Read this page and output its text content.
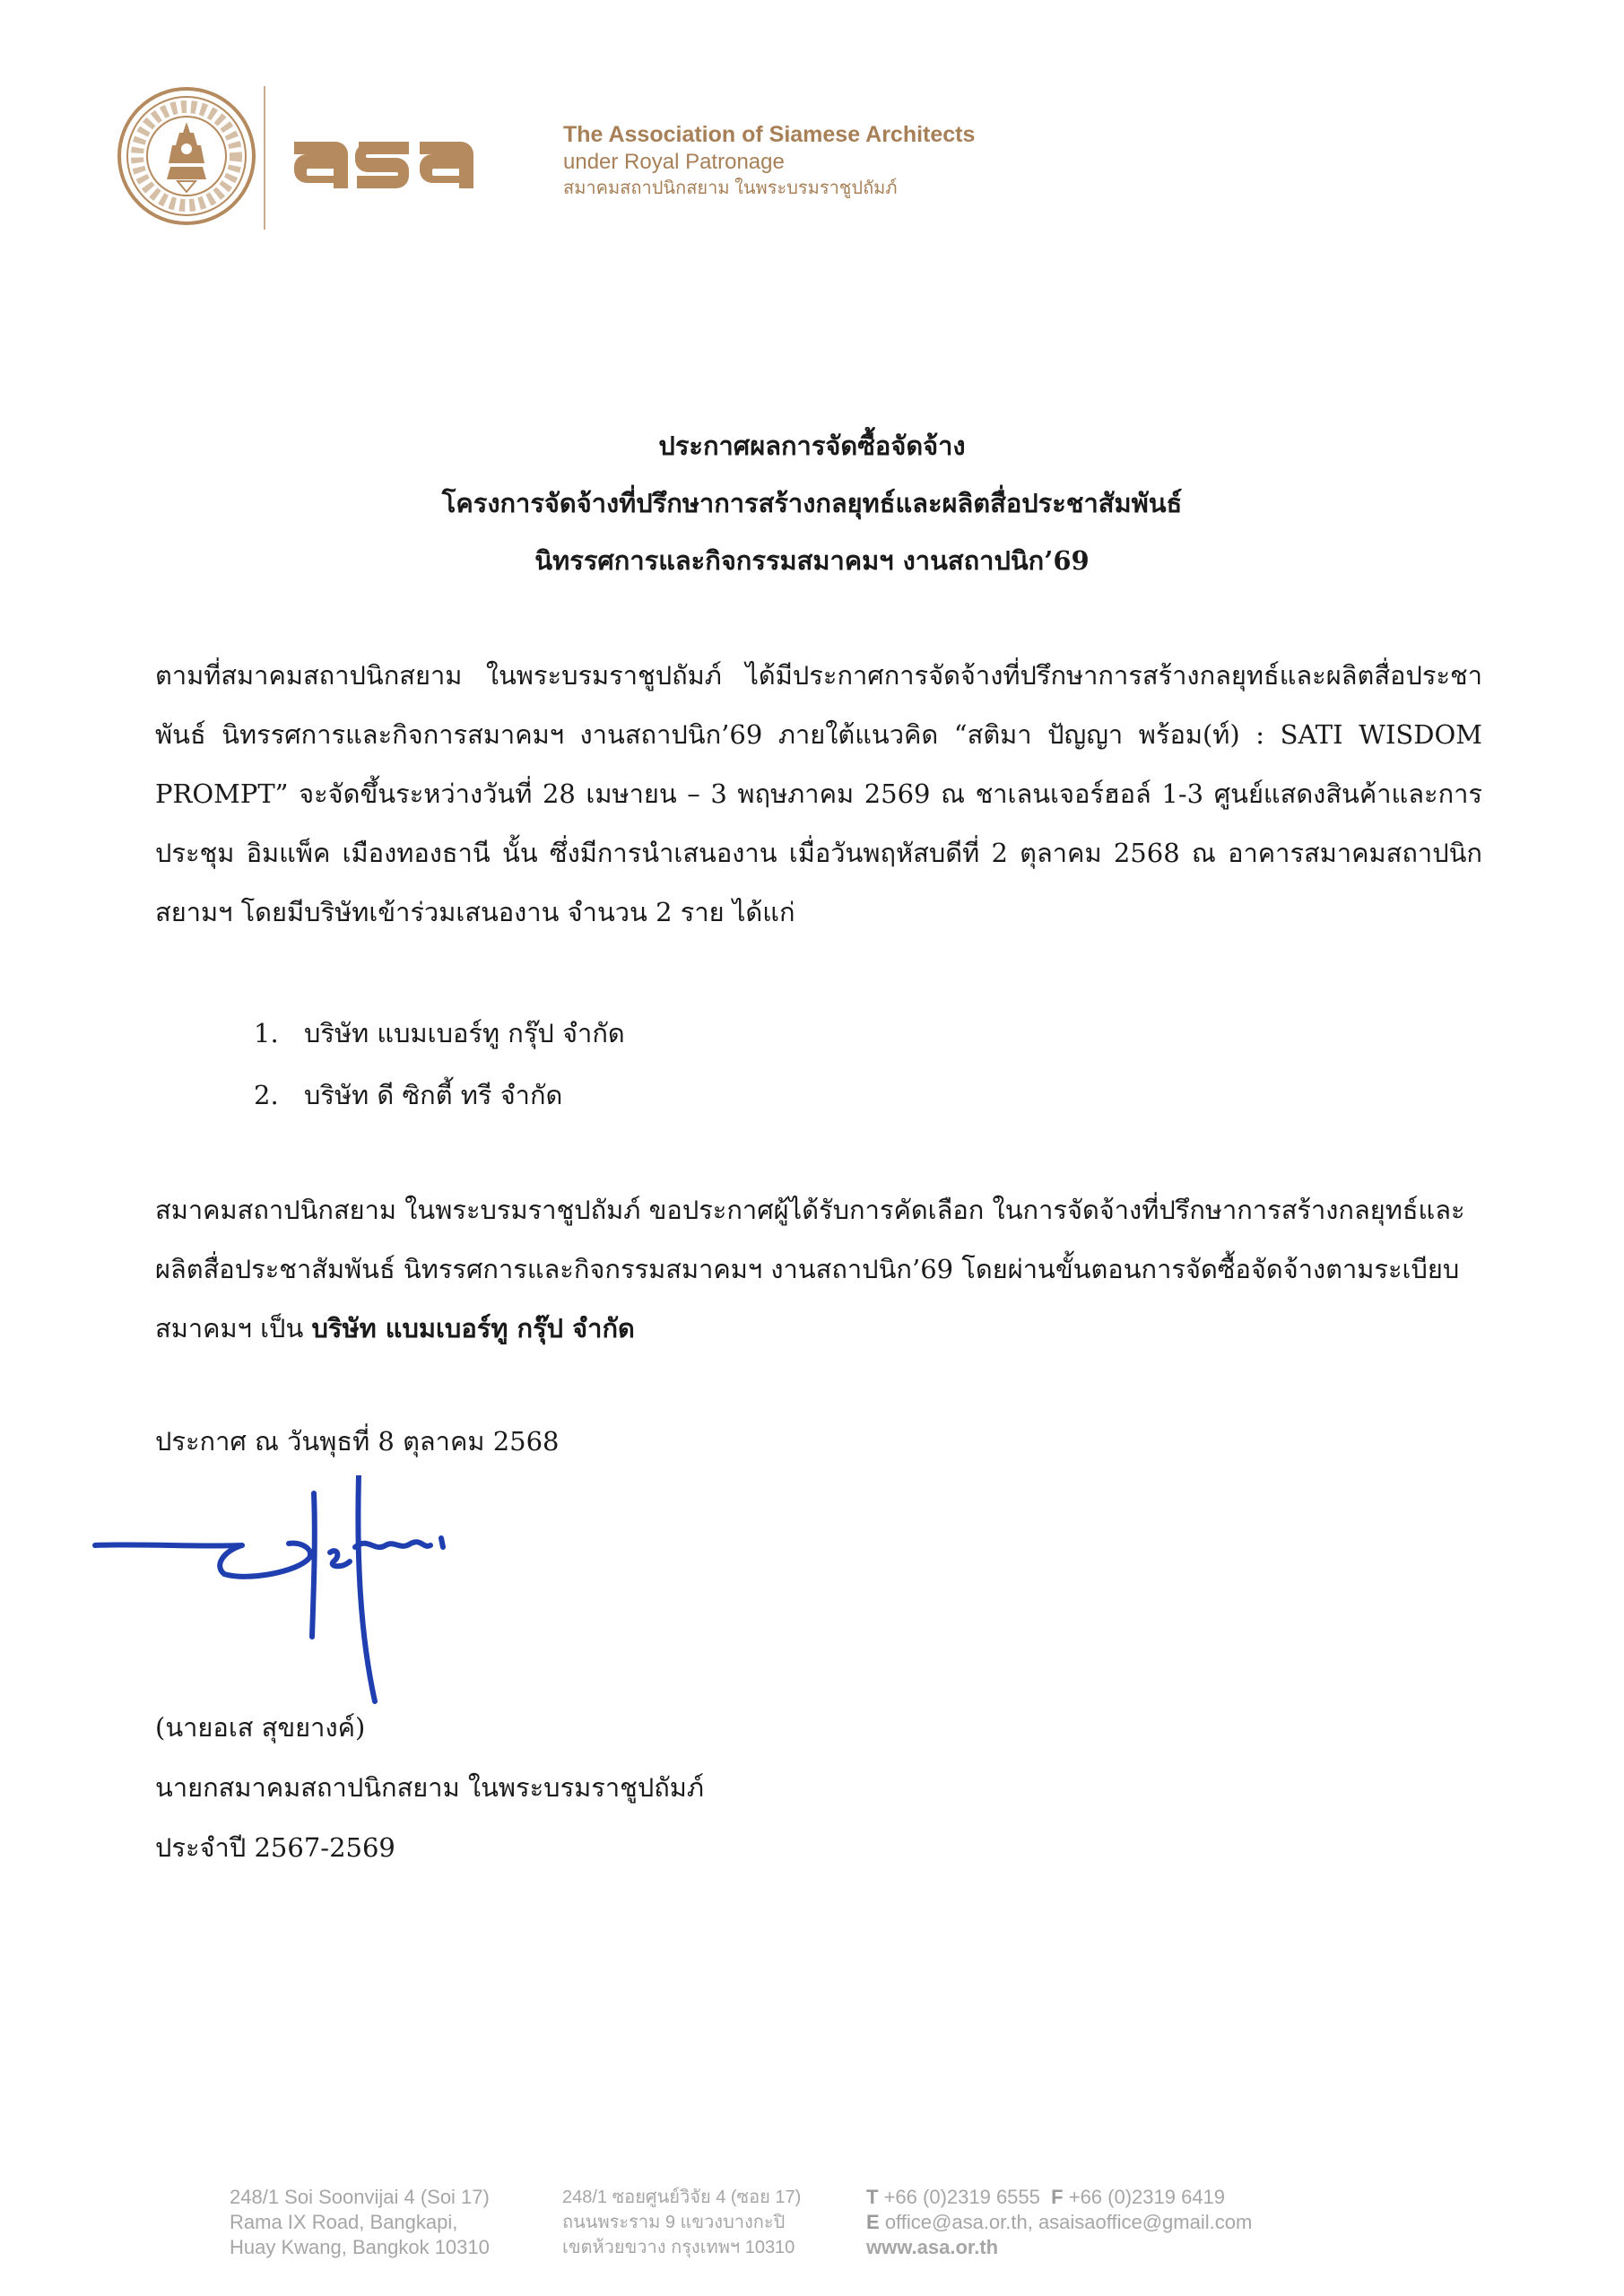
The Association of Siamese Architects
under Royal Patronage
สมาคมสถาปนิกสยาม ในพระบรมราชูปถัมภ์
ประกาศผลการจัดซื้อจัดจ้าง
โครงการจัดจ้างที่ปรึกษาการสร้างกลยุทธ์และผลิตสื่อประชาสัมพันธ์
นิทรรศการและกิจกรรมสมาคมฯ งานสถาปนิก’69

ตามที่สมาคมสถาปนิกสยาม ในพระบรมราชูปถัมภ์ ได้มีประกาศการจัดจ้างที่ปรึกษาการสร้างกลยุทธ์และผลิตสื่อประชาพันธ์ นิทรรศการและกิจการสมาคมฯ งานสถาปนิก’69 ภายใต้แนวคิด “สติมา ปัญญา พร้อม(ท์) : SATI WISDOM PROMPT” จะจัดขึ้นระหว่างวันที่ 28 เมษายน – 3 พฤษภาคม 2569 ณ ชาเลนเจอร์ฮอล์ 1-3 ศูนย์แสดงสินค้าและการประชุม อิมแพ็ค เมืองทองธานี นั้น ซึ่งมีการนำเสนองาน เมื่อวันพฤหัสบดีที่ 2 ตุลาคม 2568 ณ อาคารสมาคมสถาปนิกสยามฯ โดยมีบริษัทเข้าร่วมเสนองาน จำนวน 2 ราย ได้แก่

1. บริษัท แบมเบอร์ทู กรุ๊ป จำกัด
2. บริษัท ดี ซิกตี้ ทรี จำกัด

สมาคมสถาปนิกสยาม ในพระบรมราชูปถัมภ์ ขอประกาศผู้ได้รับการคัดเลือก ในการจัดจ้างที่ปรึกษาการสร้างกลยุทธ์และผลิตสื่อประชาสัมพันธ์ นิทรรศการและกิจกรรมสมาคมฯ งานสถาปนิก’69 โดยผ่านขั้นตอนการจัดซื้อจัดจ้างตามระเบียบสมาคมฯ เป็น บริษัท แบมเบอร์ทู กรุ๊ป จำกัด

ประกาศ ณ วันพุธที่ 8 ตุลาคม 2568
(นายอเส สุขยางค์)
นายกสมาคมสถาปนิกสยาม ในพระบรมราชูปถัมภ์
ประจำปี 2567-2569
248/1 Soi Soonvijai 4 (Soi 17)
Rama IX Road, Bangkapi,
Huay Kwang, Bangkok 10310
248/1 ซอยศูนย์วิจัย 4 (ซอย 17)
ถนนพระราม 9 แขวงบางกะปิ
เขตห้วยขวาง กรุงเทพฯ 10310
T +66 (0)2319 6555 F +66 (0)2319 6419
E office@asa.or.th, asaisaoffice@gmail.com
www.asa.or.th
